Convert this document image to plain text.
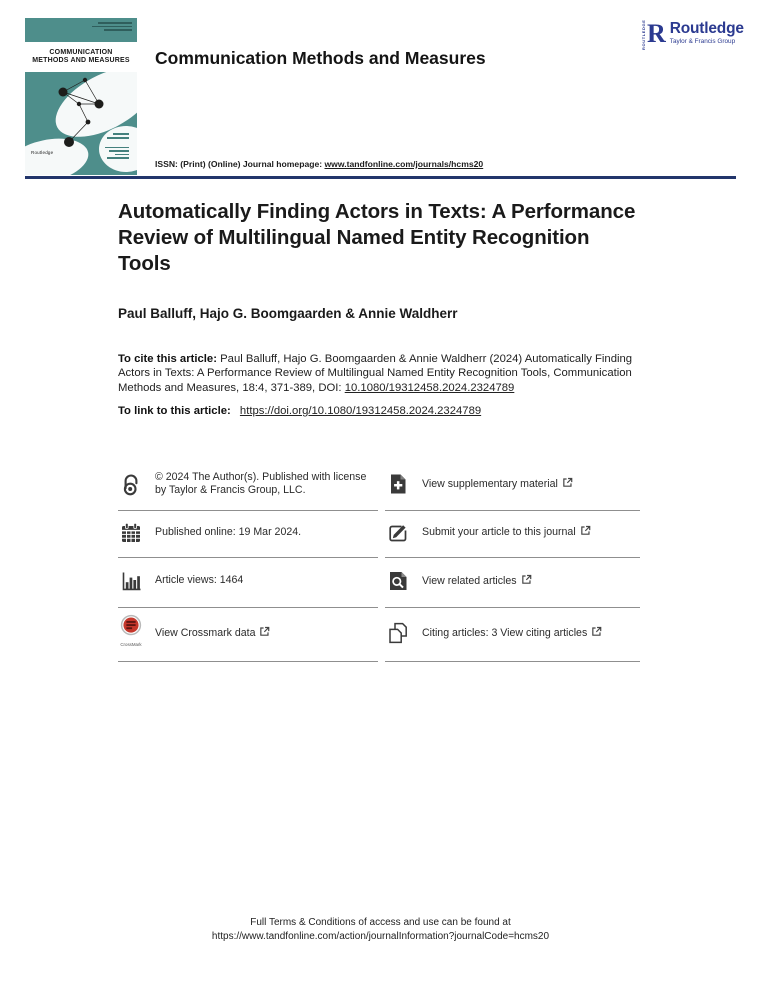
COMMUNICATION METHODS AND MEASURES
Routledge
ROUTLEDGE R Routledge
Taylor & Francis Group
Communication Methods and Measures
ISSN: (Print) (Online) Journal homepage: www.tandfonline.com/journals/hcms20
Automatically Finding Actors in Texts: A Performance Review of Multilingual Named Entity Recognition Tools
Paul Balluff, Hajo G. Boomgaarden & Annie Waldherr
To cite this article: Paul Balluff, Hajo G. Boomgaarden & Annie Waldherr (2024) Automatically Finding Actors in Texts: A Performance Review of Multilingual Named Entity Recognition Tools, Communication Methods and Measures, 18:4, 371-389, DOI: 10.1080/19312458.2024.2324789
To link to this article: https://doi.org/10.1080/19312458.2024.2324789
© 2024 The Author(s). Published with license by Taylor & Francis Group, LLC.
Published online: 19 Mar 2024.
Article views: 1464
CrossMark
View Crossmark data
View supplementary material
Submit your article to this journal
View related articles
Citing articles: 3 View citing articles
Full Terms & Conditions of access and use can be found at
https://www.tandfonline.com/action/journalInformation?journalCode=hcms20
